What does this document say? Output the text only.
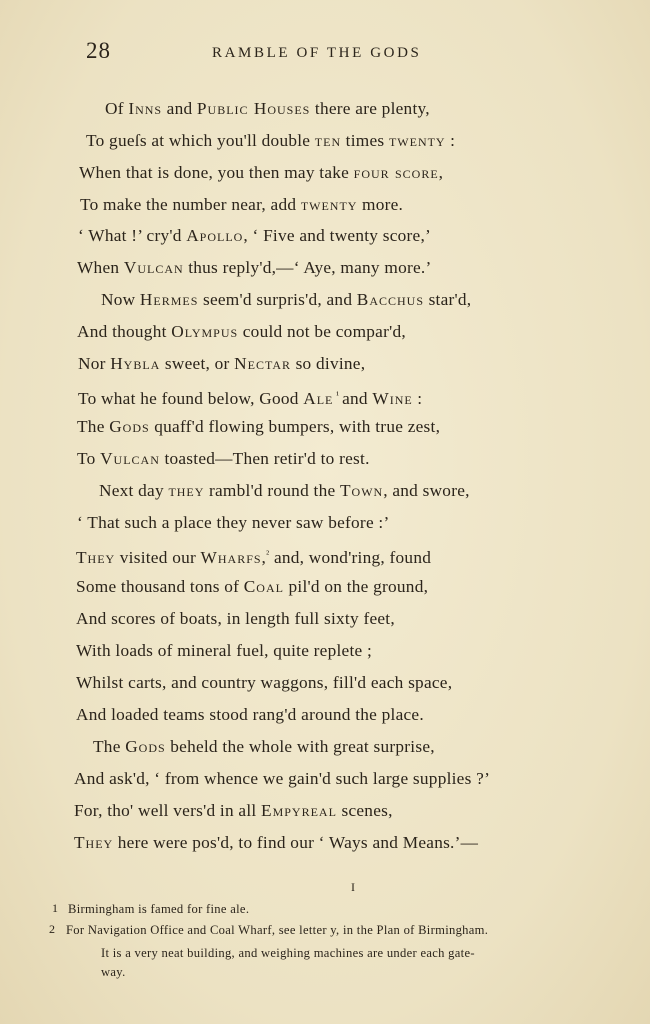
28	RAMBLE OF THE GODS
Of Inns and Public Houses there are plenty,
To gueſs at which you'll double ten times twenty :
When that is done, you then may take four score,
To make the number near, add twenty more.
‘ What !’ cry'd Apollo, ‘ Five and twenty score,’
When Vulcan thus reply'd,—‘ Aye, many more.’
Now Hermes seem'd surpris'd, and Bacchus star'd,
And thought Olympus could not be compar'd,
Nor Hybla sweet, or Nectar so divine,
To what he found below, Good Ale $^{^1}$ and Wine :
The Gods quaff'd flowing bumpers, with true zest,
To Vulcan toasted—Then retir'd to rest.
Next day they rambl'd round the Town, and swore,
‘ That such a place they never saw before :’
They visited our Wharfs,$^{^2}$ and, wond'ring, found
Some thousand tons of Coal pil'd on the ground,
And scores of boats, in length full sixty feet,
With loads of mineral fuel, quite replete ;
Whilst carts, and country waggons, fill'd each space,
And loaded teams stood rang'd around the place.
The Gods beheld the whole with great surprise,
And ask'd, ‘ from whence we gain'd such large supplies ?’
For, tho' well vers'd in all Empyreal scenes,
They here were pos'd, to find our ‘ Ways and Means.’—
I
1 Birmingham is famed for fine ale.
2 For Navigation Office and Coal Wharf, see letter y, in the Plan of Birmingham.
It is a very neat building, and weighing machines are under each gate-
way.
